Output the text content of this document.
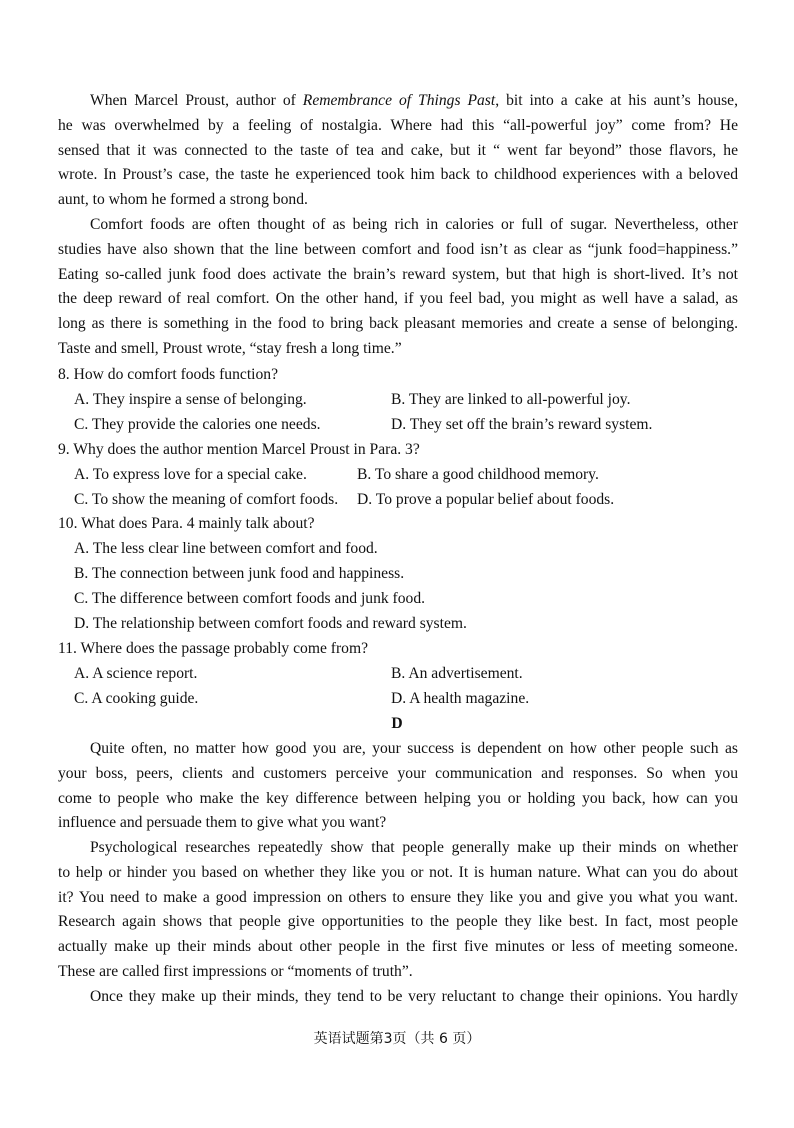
When Marcel Proust, author of Remembrance of Things Past, bit into a cake at his aunt’s house,
he was overwhelmed by a feeling of nostalgia. Where had this “all-powerful joy” come from? He
sensed that it was connected to the taste of tea and cake, but it “ went far beyond” those flavors, he
wrote. In Proust’s case, the taste he experienced took him back to childhood experiences with a beloved
aunt, to whom he formed a strong bond.
Comfort foods are often thought of as being rich in calories or full of sugar. Nevertheless, other
studies have also shown that the line between comfort and food isn’t as clear as “junk food=happiness.”
Eating so-called junk food does activate the brain’s reward system, but that high is short-lived. It’s not
the deep reward of real comfort. On the other hand, if you feel bad, you might as well have a salad, as
long as there is something in the food to bring back pleasant memories and create a sense of belonging.
Taste and smell, Proust wrote, “stay fresh a long time.”
8. How do comfort foods function?
A. They inspire a sense of belonging.	B. They are linked to all-powerful joy.
C. They provide the calories one needs.	D. They set off the brain’s reward system.
9. Why does the author mention Marcel Proust in Para. 3?
A. To express love for a special cake.	B. To share a good childhood memory.
C. To show the meaning of comfort foods. D. To prove a popular belief about foods.
10. What does Para. 4 mainly talk about?
A. The less clear line between comfort and food.
B. The connection between junk food and happiness.
C. The difference between comfort foods and junk food.
D. The relationship between comfort foods and reward system.
11. Where does the passage probably come from?
A. A science report.	B. An advertisement.
C. A cooking guide.	D. A health magazine.
D
Quite often, no matter how good you are, your success is dependent on how other people such as
your boss, peers, clients and customers perceive your communication and responses. So when you
come to people who make the key difference between helping you or holding you back, how can you
influence and persuade them to give what you want?
Psychological researches repeatedly show that people generally make up their minds on whether
to help or hinder you based on whether they like you or not. It is human nature. What can you do about
it? You need to make a good impression on others to ensure they like you and give you what you want.
Research again shows that people give opportunities to the people they like best. In fact, most people
actually make up their minds about other people in the first five minutes or less of meeting someone.
These are called first impressions or “moments of truth”.
Once they make up their minds, they tend to be very reluctant to change their opinions. You hardly
英语试题第3页（共 6 页）
